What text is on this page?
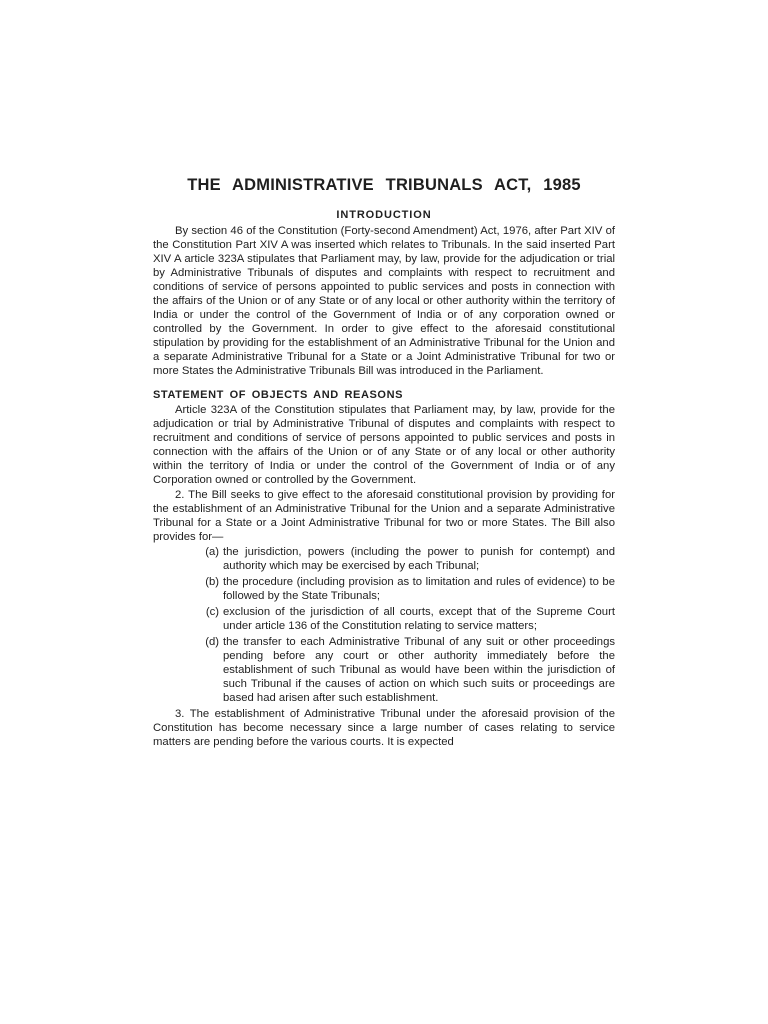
THE ADMINISTRATIVE TRIBUNALS ACT, 1985
INTRODUCTION

By section 46 of the Constitution (Forty-second Amendment) Act, 1976, after Part XIV of the Constitution Part XIV A was inserted which relates to Tribunals. In the said inserted Part XIV A article 323A stipulates that Parliament may, by law, provide for the adjudication or trial by Administrative Tribunals of disputes and complaints with respect to recruitment and conditions of service of persons appointed to public services and posts in connection with the affairs of the Union or of any State or of any local or other authority within the territory of India or under the control of the Government of India or of any corporation owned or controlled by the Government. In order to give effect to the aforesaid constitutional stipulation by providing for the establishment of an Administrative Tribunal for the Union and a separate Administrative Tribunal for a State or a Joint Administrative Tribunal for two or more States the Administrative Tribunals Bill was introduced in the Parliament.

STATEMENT OF OBJECTS AND REASONS

Article 323A of the Constitution stipulates that Parliament may, by law, provide for the adjudication or trial by Administrative Tribunal of disputes and complaints with respect to recruitment and conditions of service of persons appointed to public services and posts in connection with the affairs of the Union or of any State or of any local or other authority within the territory of India or under the control of the Government of India or of any Corporation owned or controlled by the Government.

2. The Bill seeks to give effect to the aforesaid constitutional provision by providing for the establishment of an Administrative Tribunal for the Union and a separate Administrative Tribunal for a State or a Joint Administrative Tribunal for two or more States. The Bill also provides for—

(a) the jurisdiction, powers (including the power to punish for contempt) and authority which may be exercised by each Tribunal;
(b) the procedure (including provision as to limitation and rules of evidence) to be followed by the State Tribunals;
(c) exclusion of the jurisdiction of all courts, except that of the Supreme Court under article 136 of the Constitution relating to service matters;
(d) the transfer to each Administrative Tribunal of any suit or other proceedings pending before any court or other authority immediately before the establishment of such Tribunal as would have been within the jurisdiction of such Tribunal if the causes of action on which such suits or proceedings are based had arisen after such establishment.

3. The establishment of Administrative Tribunal under the aforesaid provision of the Constitution has become necessary since a large number of cases relating to service matters are pending before the various courts. It is expected
